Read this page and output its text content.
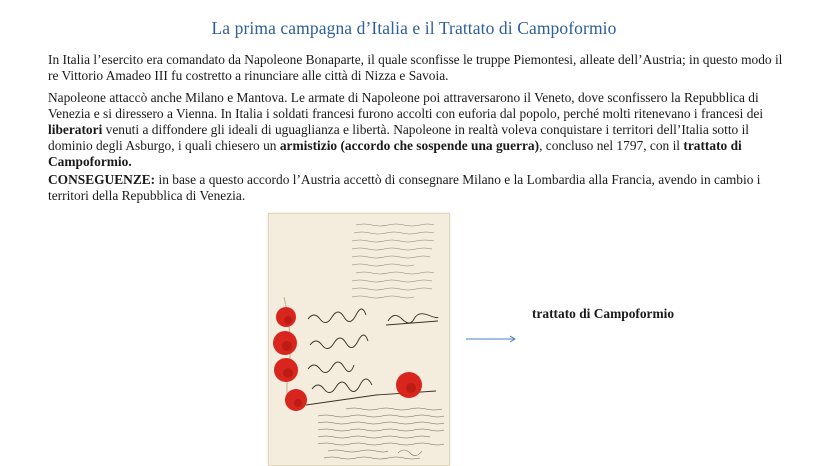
La prima campagna d’Italia e il Trattato di Campoformio

In Italia l’esercito era comandato da Napoleone Bonaparte, il quale sconfisse le truppe Piemontesi, alleate dell’Austria; in questo modo il re Vittorio Amadeo III fu costretto a rinunciare alle città di Nizza e Savoia.

Napoleone attaccò anche Milano e Mantova. Le armate di Napoleone poi attraversarono il Veneto, dove sconfissero la Repubblica di Venezia e si diressero a Vienna. In Italia i soldati francesi furono accolti con euforia dal popolo, perché molti ritenevano i francesi dei liberatori venuti a diffondere gli ideali di uguaglianza e libertà. Napoleone in realtà voleva conquistare i territori dell’Italia sotto il dominio degli Asburgo, i quali chiesero un armistizio (accordo che sospende una guerra), concluso nel 1797, con il trattato di Campoformio.

CONSEGUENZE: in base a questo accordo l’Austria accettò di consegnare Milano e la Lombardia alla Francia, avendo in cambio i territori della Repubblica di Venezia.

trattato di Campoformio
